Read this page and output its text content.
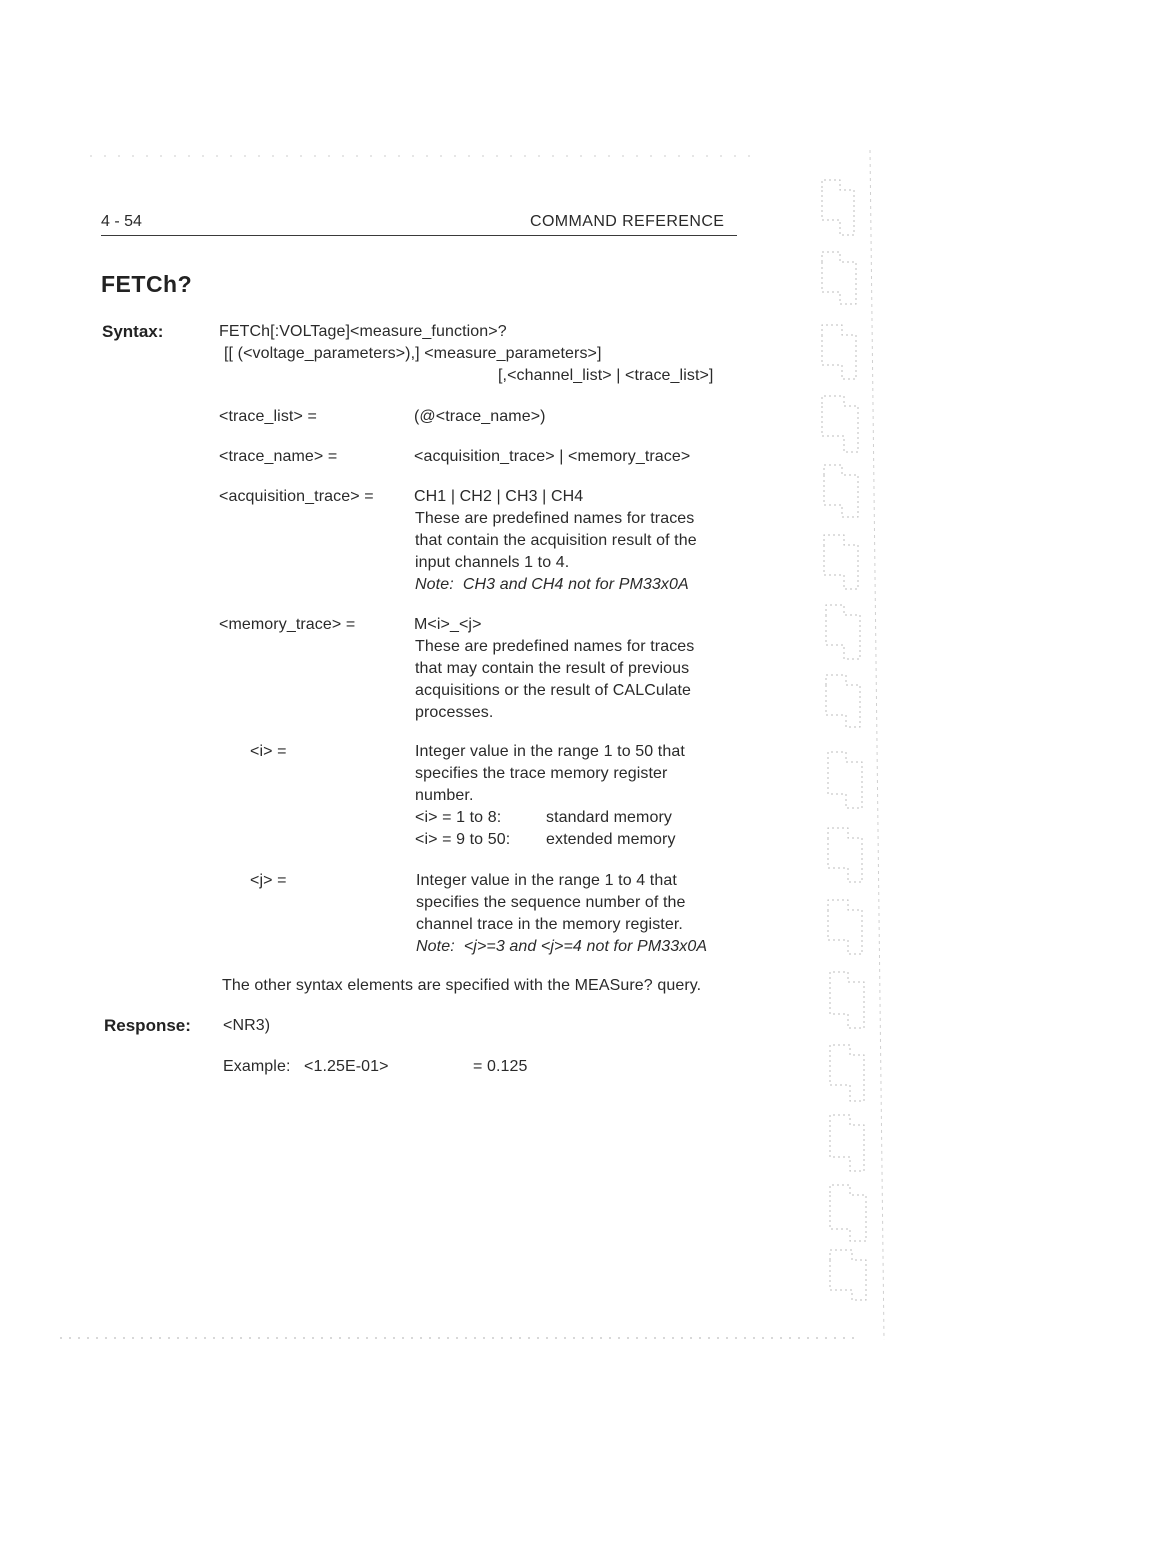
4 - 54	COMMAND REFERENCE
FETCh?
Syntax:	FETCh[:VOLTage]<measure_function>?
[[ (<voltage_parameters>),] <measure_parameters>]
[,<channel_list> | <trace_list>]
<trace_list> =	(@<trace_name>)
<trace_name> =	<acquisition_trace> | <memory_trace>
<acquisition_trace> =	CH1 | CH2 | CH3 | CH4
These are predefined names for traces
that contain the acquisition result of the
input channels 1 to 4.
Note: CH3 and CH4 not for PM33x0A
<memory_trace> =	M<i>_<j>
These are predefined names for traces
that may contain the result of previous
acquisitions or the result of CALCulate
processes.
<i> =	Integer value in the range 1 to 50 that
specifies the trace memory register
number.
<i> = 1 to 8:	standard memory
<i> = 9 to 50: extended memory
<j> =	Integer value in the range 1 to 4 that
specifies the sequence number of the
channel trace in the memory register.
Note: <j>=3 and <j>=4 not for PM33x0A
The other syntax elements are specified with the MEASure? query.
Response: <NR3)
Example: <1.25E-01>	= 0.125
